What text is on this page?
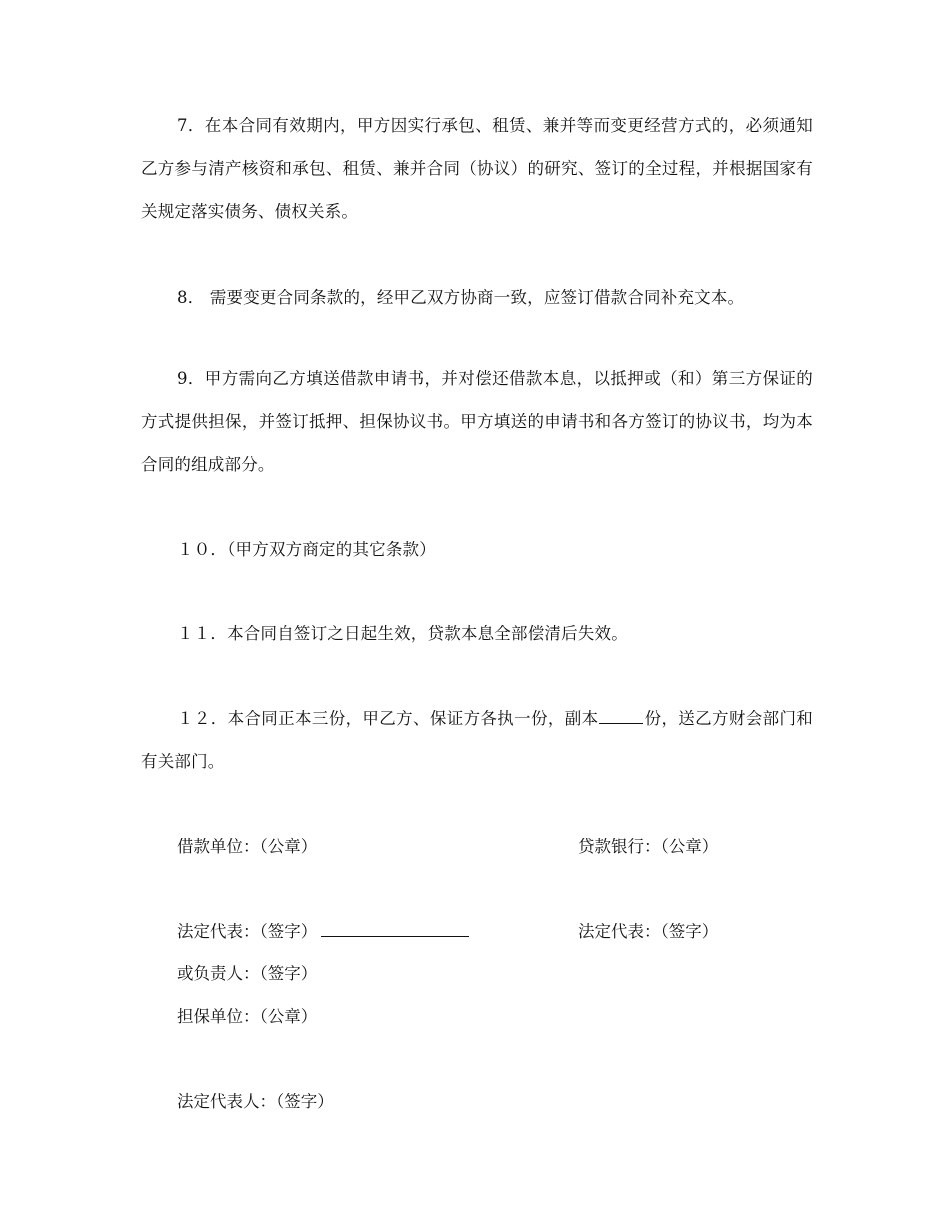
7．在本合同有效期内，甲方因实行承包、租赁、兼并等而变更经营方式的，必须通知乙方参与清产核资和承包、租赁、兼并合同（协议）的研究、签订的全过程，并根据国家有关规定落实债务、债权关系。

8． 需要变更合同条款的，经甲乙双方协商一致，应签订借款合同补充文本。

9．甲方需向乙方填送借款申请书，并对偿还借款本息，以抵押或（和）第三方保证的方式提供担保，并签订抵押、担保协议书。甲方填送的申请书和各方签订的协议书，均为本合同的组成部分。

１０．（甲方双方商定的其它条款）

１１．本合同自签订之日起生效，贷款本息全部偿清后失效。

１２．本合同正本三份，甲乙方、保证方各执一份，副本	份，送乙方财会部门和有关部门。

借款单位：（公章）	贷款银行：（公章）
法定代表：（签字）	法定代表：（签字）
或负责人：（签字）
担保单位：（公章）
法定代表人：（签字）
